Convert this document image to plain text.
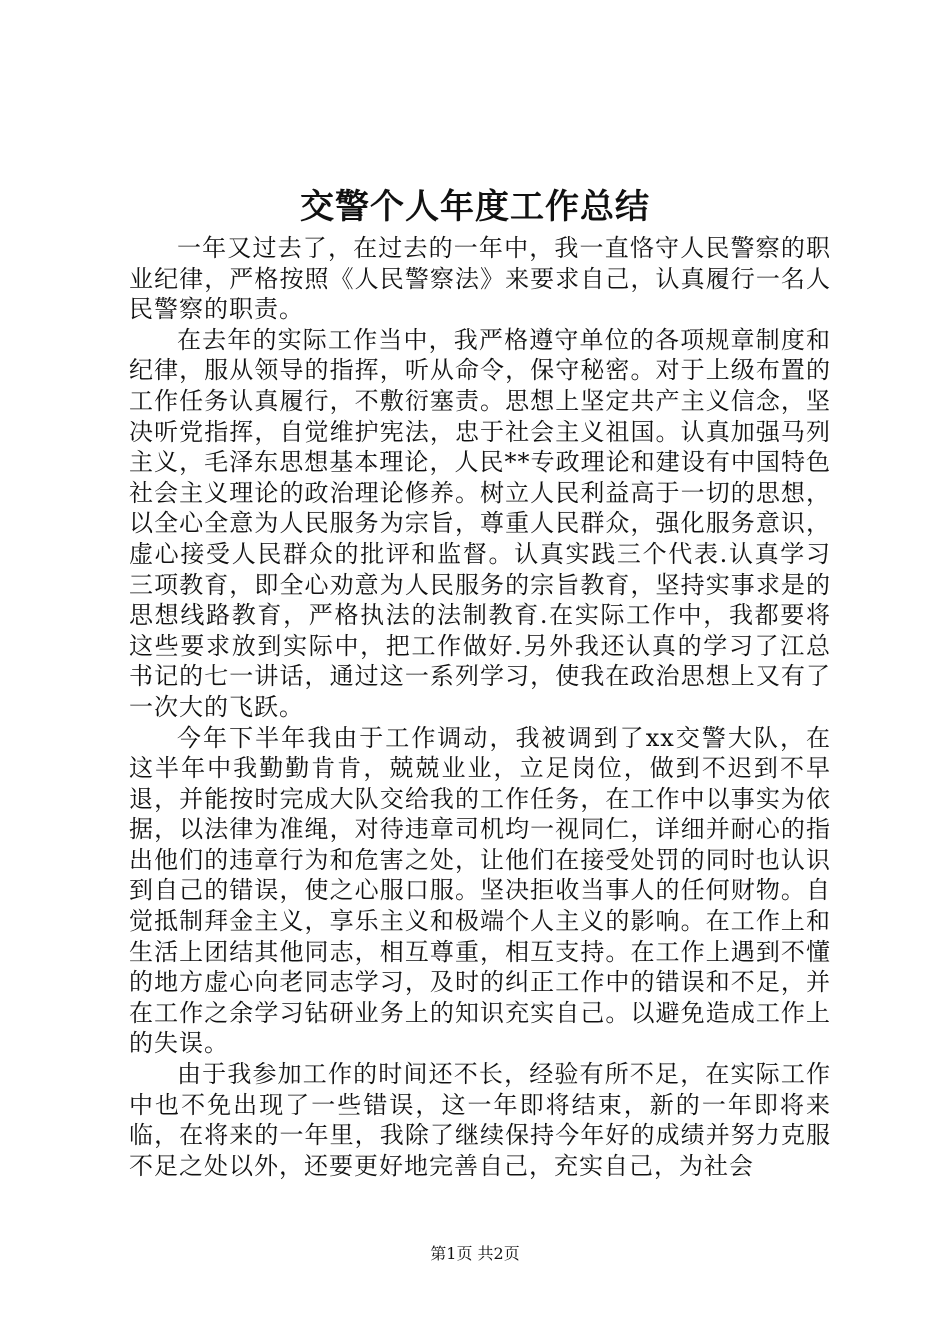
交警个人年度工作总结

一年又过去了，在过去的一年中，我一直恪守人民警察的职业纪律，严格按照《人民警察法》来要求自己，认真履行一名人民警察的职责。

在去年的实际工作当中，我严格遵守单位的各项规章制度和纪律，服从领导的指挥，听从命令，保守秘密。对于上级布置的工作任务认真履行，不敷衍塞责。思想上坚定共产主义信念，坚决听党指挥，自觉维护宪法，忠于社会主义祖国。认真加强马列主义，毛泽东思想基本理论，人民**专政理论和建设有中国特色社会主义理论的政治理论修养。树立人民利益高于一切的思想，以全心全意为人民服务为宗旨，尊重人民群众，强化服务意识，虚心接受人民群众的批评和监督。认真实践三个代表.认真学习三项教育，即全心劝意为人民服务的宗旨教育，坚持实事求是的思想线路教育，严格执法的法制教育.在实际工作中，我都要将这些要求放到实际中，把工作做好.另外我还认真的学习了江总书记的七一讲话，通过这一系列学习，使我在政治思想上又有了一次大的飞跃。

今年下半年我由于工作调动，我被调到了xx交警大队，在这半年中我勤勤肯肯，兢兢业业，立足岗位，做到不迟到不早退，并能按时完成大队交给我的工作任务，在工作中以事实为依据，以法律为准绳，对待违章司机均一视同仁，详细并耐心的指出他们的违章行为和危害之处，让他们在接受处罚的同时也认识到自己的错误，使之心服口服。坚决拒收当事人的任何财物。自觉抵制拜金主义，享乐主义和极端个人主义的影响。在工作上和生活上团结其他同志，相互尊重，相互支持。在工作上遇到不懂的地方虚心向老同志学习，及时的纠正工作中的错误和不足，并在工作之余学习钻研业务上的知识充实自己。以避免造成工作上的失误。

由于我参加工作的时间还不长，经验有所不足，在实际工作中也不免出现了一些错误，这一年即将结束，新的一年即将来临，在将来的一年里，我除了继续保持今年好的成绩并努力克服不足之处以外，还要更好地完善自己，充实自己，为社会

第1页 共2页
